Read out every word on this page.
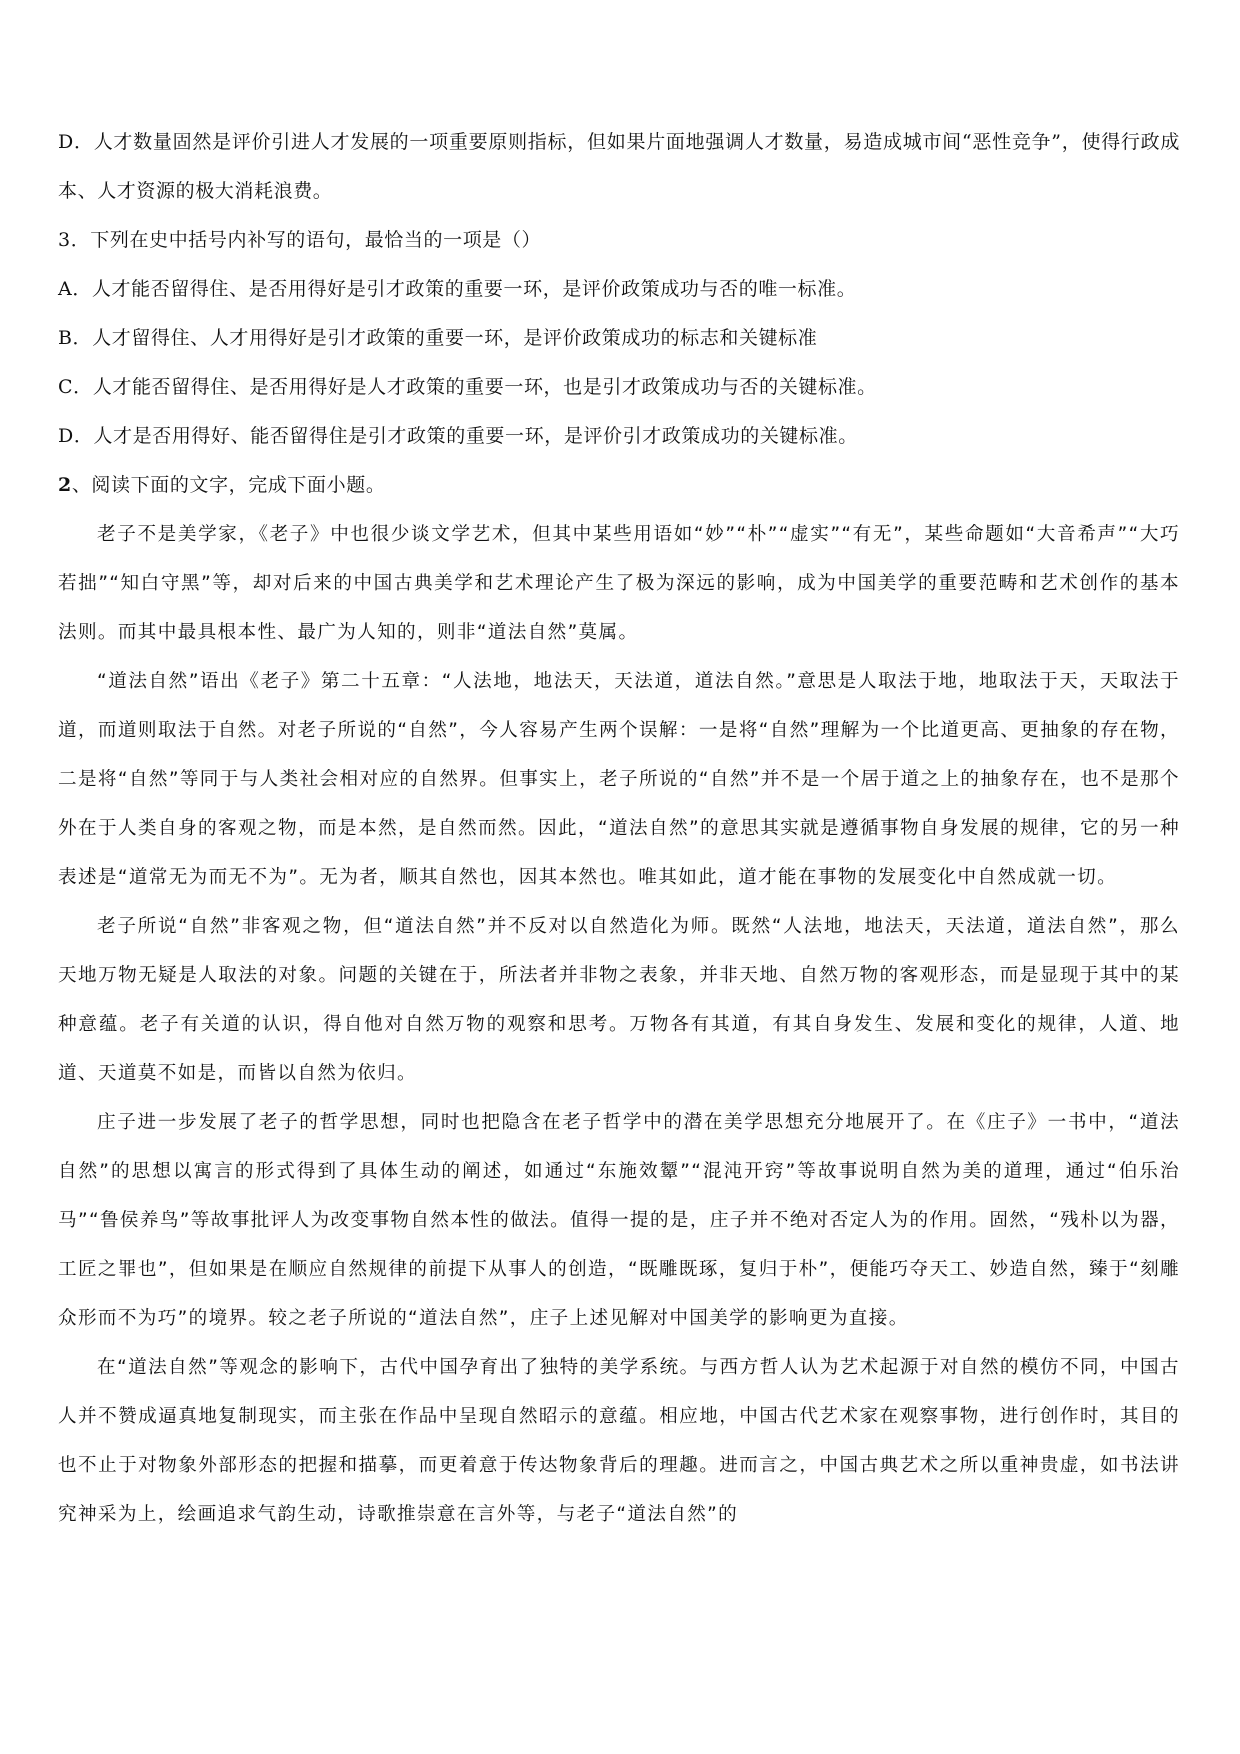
D．人才数量固然是评价引进人才发展的一项重要原则指标，但如果片面地强调人才数量，易造成城市间“恶性竞争”，使得行政成本、人才资源的极大消耗浪费。

3．下列在史中括号内补写的语句，最恰当的一项是（）

A．人才能否留得住、是否用得好是引才政策的重要一环，是评价政策成功与否的唯一标准。

B．人才留得住、人才用得好是引才政策的重要一环，是评价政策成功的标志和关键标准

C．人才能否留得住、是否用得好是人才政策的重要一环，也是引才政策成功与否的关键标准。

D．人才是否用得好、能否留得住是引才政策的重要一环，是评价引才政策成功的关键标准。

2、阅读下面的文字，完成下面小题。

老子不是美学家，《老子》中也很少谈文学艺术，但其中某些用语如“妙”“朴”“虚实”“有无”，某些命题如“大音希声”“大巧若拙”“知白守黑”等，却对后来的中国古典美学和艺术理论产生了极为深远的影响，成为中国美学的重要范畴和艺术创作的基本法则。而其中最具根本性、最广为人知的，则非“道法自然”莫属。

“道法自然”语出《老子》第二十五章：“人法地，地法天，天法道，道法自然。”意思是人取法于地，地取法于天，天取法于道，而道则取法于自然。对老子所说的“自然”，今人容易产生两个误解：一是将“自然”理解为一个比道更高、更抽象的存在物，二是将“自然”等同于与人类社会相对应的自然界。但事实上，老子所说的“自然”并不是一个居于道之上的抽象存在，也不是那个外在于人类自身的客观之物，而是本然，是自然而然。因此，“道法自然”的意思其实就是遵循事物自身发展的规律，它的另一种表述是“道常无为而无不为”。无为者，顺其自然也，因其本然也。唯其如此，道才能在事物的发展变化中自然成就一切。

老子所说“自然”非客观之物，但“道法自然”并不反对以自然造化为师。既然“人法地，地法天，天法道，道法自然”，那么天地万物无疑是人取法的对象。问题的关键在于，所法者并非物之表象，并非天地、自然万物的客观形态，而是显现于其中的某种意蕴。老子有关道的认识，得自他对自然万物的观察和思考。万物各有其道，有其自身发生、发展和变化的规律，人道、地道、天道莫不如是，而皆以自然为依归。

庄子进一步发展了老子的哲学思想，同时也把隐含在老子哲学中的潜在美学思想充分地展开了。在《庄子》一书中，“道法自然”的思想以寓言的形式得到了具体生动的阐述，如通过“东施效颦”“混沌开窍”等故事说明自然为美的道理，通过“伯乐治马”“鲁侯养鸟”等故事批评人为改变事物自然本性的做法。值得一提的是，庄子并不绝对否定人为的作用。固然，“残朴以为器，工匠之罪也”，但如果是在顺应自然规律的前提下从事人的创造，“既雕既琢，复归于朴”，便能巧夺天工、妙造自然，臻于“刻雕众形而不为巧”的境界。较之老子所说的“道法自然”，庄子上述见解对中国美学的影响更为直接。

在“道法自然”等观念的影响下，古代中国孕育出了独特的美学系统。与西方哲人认为艺术起源于对自然的模仿不同，中国古人并不赞成逼真地复制现实，而主张在作品中呈现自然昭示的意蕴。相应地，中国古代艺术家在观察事物，进行创作时，其目的也不止于对物象外部形态的把握和描摹，而更着意于传达物象背后的理趣。进而言之，中国古典艺术之所以重神贵虚，如书法讲究神采为上，绘画追求气韵生动，诗歌推崇意在言外等，与老子“道法自然”的
